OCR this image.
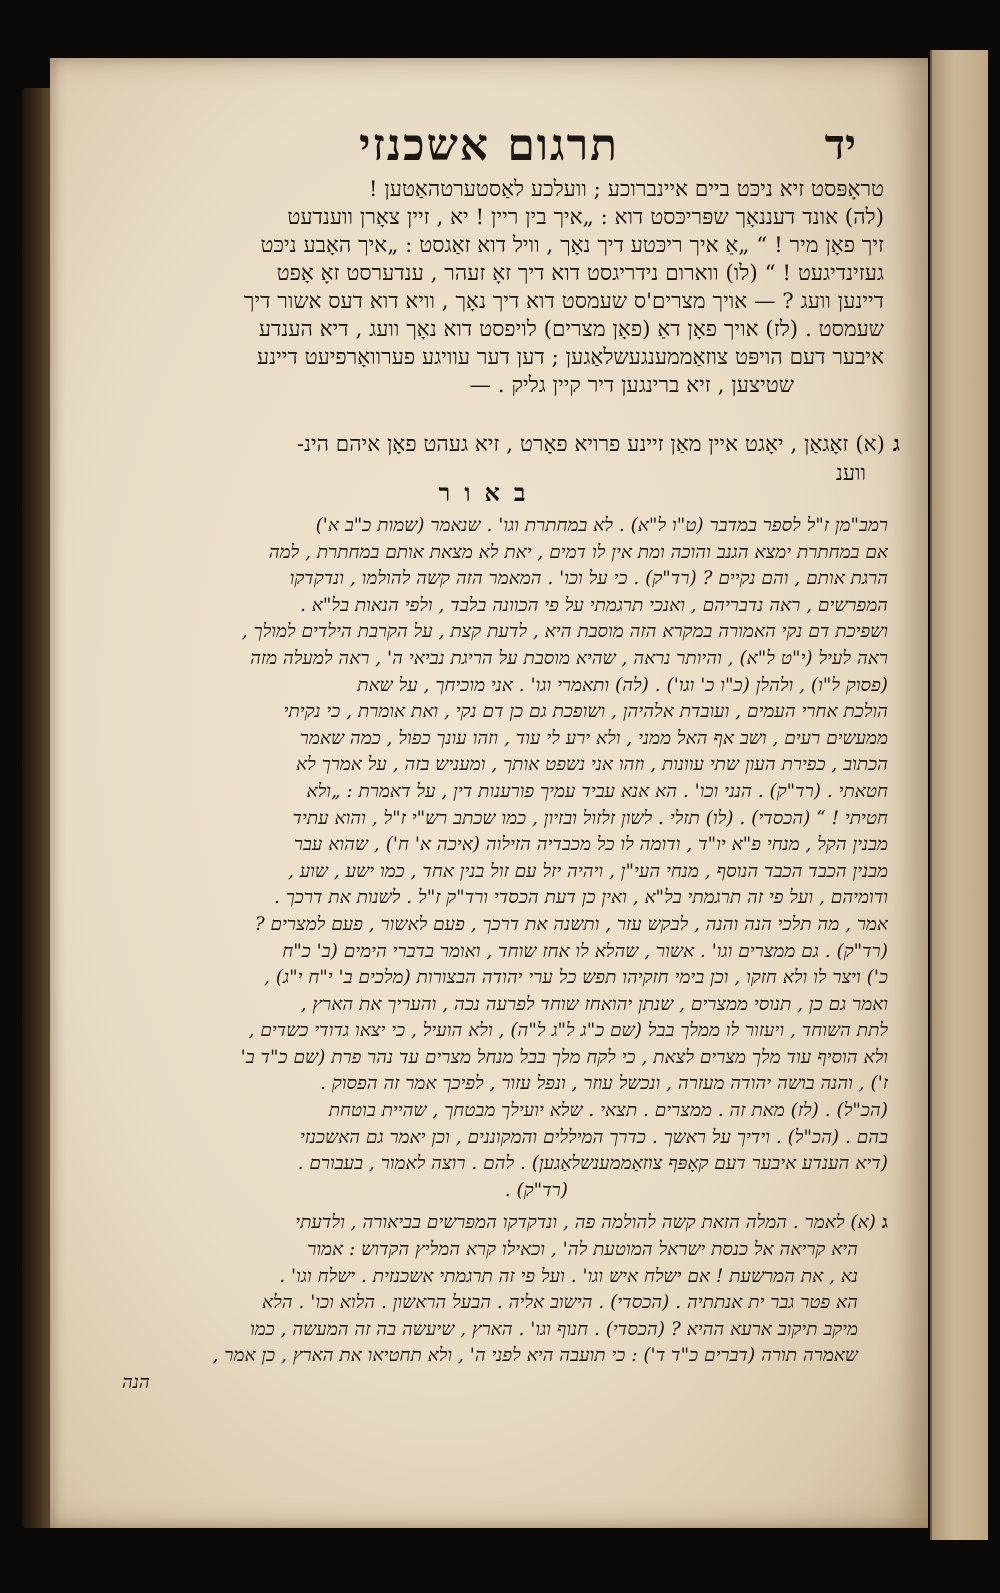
תרגום אשכנזי	יד
טראָפּסט זיא ניכּט ביים איינברוכע ; וועלכע לאַסטערטהאַטען !
(לה) אונד דעננאָך שפּריכּסט דוא : „איך בין ריין ! יא , זיין צאָרן ווענדעט
זיך פאָן מיר ! “ „אַ איך ריכּטע דיך נאָך , וויל דוא זאַגסט : „איך האָבע ניכּט
געזינדיגעט ! “ (לו) ווארום נידריגסט דוא דיך זאָ זעהר , ענדערסט זאָ אָפט
דיינען וועג ? — אויך מצרים'ס שעמסט דוא דיך נאָך , וויא דוא דעס אשור דיך
שעמסט . (לז) אויך פאָן דאַ (פאָן מצרים) לויפסט דוא נאָך וועג , דיא הענדע
איבער דעם הויפּט צוזאַממענגעשלאַגען ; דען דער עוויגע פערוואָרפיעט דיינע
שטיצען , זיא ברינגען דיר קיין גליק . —
ג(א) זאָגאַן , יאָגט איין מאַן זיינע פרויא פאָרט , זיא געהט פאָן איהם הינ-
ווענ
באור
רמב"מן ז"ל לספר במדבר (ט"ו ל"א) . לא במחתרת וגו' . שנאמר (שמות כ"ב א')
אם במחתרת ימצא הגנב והוכה ומת אין לו דמים , יאת לא מצאת אותם במחתרת , למה
הרגת אותם , והם נקיים ? (רד"ק) . כי על וכו' . המאמר הזה קשה להולמו , ונדקדקו
המפרשים , ראה נדבריהם , ואנכי תרגמתי על פי הכוונה בלבד , ולפי הנאות בל"א .
ושפיכת דם נקי האמורה במקרא הזה מוסבת היא , לדעת קצת , על הקרבת הילדים למולך ,
ראה לעיל (י"ט ל"א) , והיותר נראה , שהיא מוסבת על הריגת נביאי ה' , ראה למעלה מזה
(פסוק ל"ו) , ולהלן (כ"ו כ' וגו') . (לה) ותאמרי וגו' . אני מוכיחך , על שאת
הולכת אחרי העמים , ועובדת אלהיהן , ושופכת גם כן דם נקי , ואת אומרת , כי נקיתי
ממעשים רעים , ושב אף האל ממני , ולא ירע לי עוד , וזהו עונך כפול , כמה שאמר
הכתוב , כפירת העון שתי עוונות , וזהו אני נשפט אותך , ומעניש בזה , על אמרך לא
חטאתי . (רד"ק) . הנני וכו' . הא אנא עביד עמיך פורענות דין , על דאמרת : „ולא
חטיתי ! “ (הכסדי) . (לו) תזלי . לשון זלזול ובזיון , כמו שכתב רש"י ז"ל , והוא עתיד
מבנין הקל , מנחי פ"א יו"ד , ודומה לו כל מכבדיה הזילוה (איכה א' ח') , שהוא עבר
מבנין הכבד הכבד הנוסף , מנחי העי"ן , ויהיה יזל עם זול בנין אחד , כמו ישע , שוע ,
ודומיהם , ועל פי זה תרגמתי בל"א , ואין כן דעת הכסדי ורד"ק ז"ל . לשנות את דרכך .
אמר , מה תלכי הנה והנה , לבקש עזר , ותשנה את דרכך , פעם לאשור , פעם למצרים ?
(רד"ק) . גם ממצרים וגו' . אשור , שהלא לו אחז שוחד , ואומר בדברי הימים (ב' כ"ח
כ') ויצר לו ולא חזקו , וכן בימי חזקיהו תפש כל ערי יהודה הבצורות (מלכים ב' י"ח י"ג) ,
ואמר גם כן , תנוסי ממצרים , שנתן יהואחז שוחד לפרעה נכה , והעריך את הארץ ,
לתת השוחד , ויעזור לו ממלך בבל (שם כ"ג ל"ג ל"ה) , ולא הועיל , כי יצאו גדודי כשדים ,
ולא הוסיף עוד מלך מצרים לצאת , כי לקח מלך בבל מנחל מצרים עד נהר פרת (שם כ"ד ב'
ז') , והנה בושה יהודה מעזרה , ונכשל עוזר , ונפל עזור , לפיכך אמר זה הפסוק .
(הכ"ל) . (לז) מאת זה . ממצרים . תצאי . שלא יועילך מבטחך , שהיית בוטחת
בהם . (הכ"ל) . וידיך על ראשך . כדרך המיללים והמקוננים , וכן יאמר גם האשכנזי
(דיא הענדע איבער דעם קאָפּף צוזאַממענשלאַגען) . להם . רוצה לאמור , בעבורם .
(רד"ק) .
ג(א) לאמר . המלה הזאת קשה להולמה פה , ונדקדקו המפרשים בביאורה , ולדעתי
היא קריאה אל כנסת ישראל המוטעת לה' , וכאילו קרא המליץ הקדוש : אמור
נא , את המרשעת ! אם ישלח איש וגו' . ועל פי זה תרגמתי אשכנזית . ישלח וגו' .
הא פטר גבר ית אנתתיה . (הכסדי) . הישוב אליה . הבעל הראשון . הלוא וכו' . הלא
מיקב תיקוב ארעא ההיא ? (הכסדי) . חנוף וגו' . הארץ , שיעשה בה זה המעשה , כמו
שאמרה תורה (דברים כ"ד ד') : כי תועבה היא לפני ה' , ולא תחטיאו את הארץ , כן אמר ,
הנה
